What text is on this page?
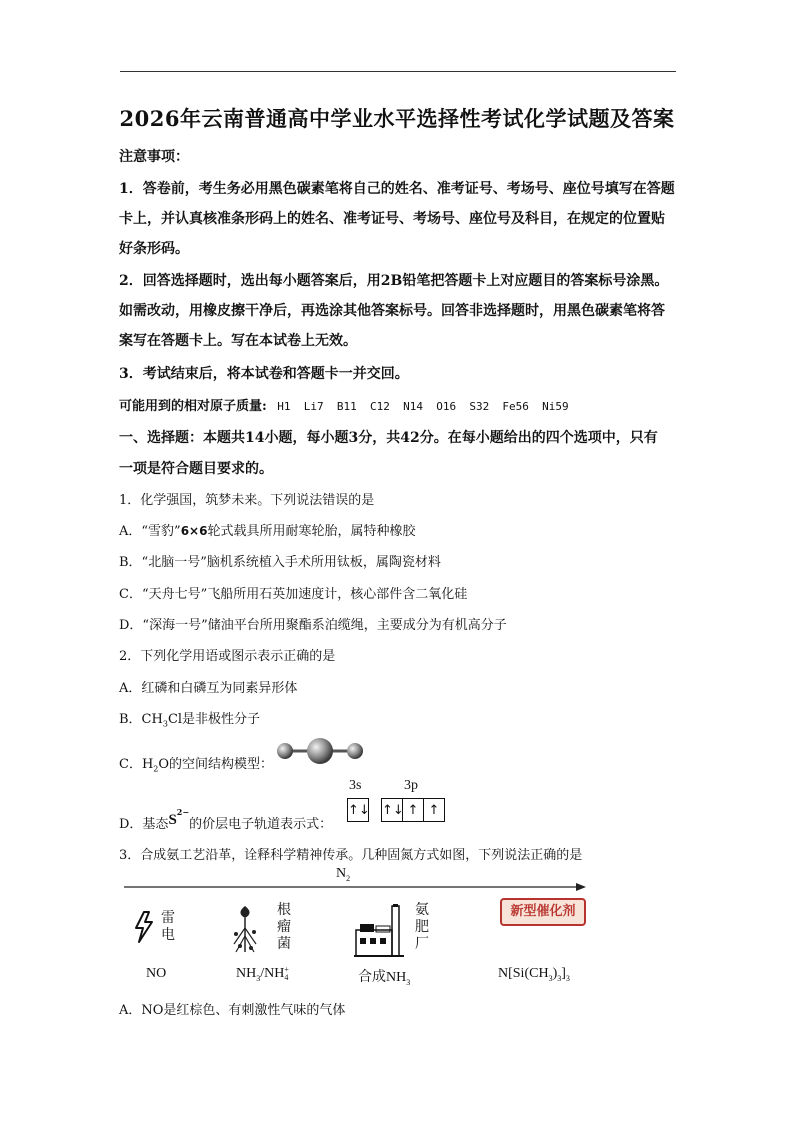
2026年云南普通高中学业水平选择性考试化学试题及答案
注意事项：
1．答卷前，考生务必用黑色碳素笔将自己的姓名、准考证号、考场号、座位号填写在答题
卡上，并认真核准条形码上的姓名、准考证号、考场号、座位号及科目，在规定的位置贴
好条形码。
2．回答选择题时，选出每小题答案后，用2B铅笔把答题卡上对应题目的答案标号涂黑。
如需改动，用橡皮擦干净后，再选涂其他答案标号。回答非选择题时，用黑色碳素笔将答
案写在答题卡上。写在本试卷上无效。
3．考试结束后，将本试卷和答题卡一并交回。
可能用到的相对原子质量: H1  Li7  B11  C12  N14  O16  S32  Fe56  Ni59
一、选择题：本题共14小题，每小题3分，共42分。在每小题给出的四个选项中，只有
一项是符合题目要求的。
1．化学强国，筑梦未来。下列说法错误的是
A．“雪豹”6×6轮式载具所用耐寒轮胎，属特种橡胶
B．“北脑一号”脑机系统植入手术所用钛板，属陶瓷材料
C．“天舟七号”飞船所用石英加速度计，核心部件含二氧化硅
D．“深海一号”储油平台所用聚酯系泊缆绳，主要成分为有机高分子
2．下列化学用语或图示表示正确的是
A．红磷和白磷互为同素异形体
B．$CH_3Cl$是非极性分子
C．$H_2O$的空间结构模型：
D．基态$S^{2-}$的价层电子轨道表示式：
3s	3p
↑↓ ↑↓ ↑ ↑
3．合成氨工艺沿革，诠释科学精神传承。几种固氮方式如图，下列说法正确的是
$N_2$
雷电
根瘤菌
氨肥厂
新型催化剂
NO	$NH_3/NH$ +
4	合成$NH_3$
$N[Si(CH_3)_3]_3$
A．NO是红棕色、有刺激性气味的气体
